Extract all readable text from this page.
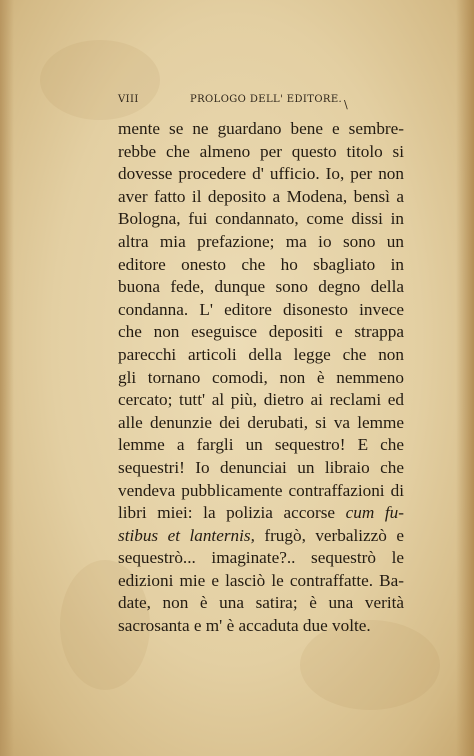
VIII	PROLOGO DELL' EDITORE. \
mente se ne guardano bene e sembre-
rebbe che almeno per questo titolo si
dovesse procedere d' ufficio. Io, per non
aver fatto il deposito a Modena, bensì a
Bologna, fui condannato, come dissi in
altra mia prefazione; ma io sono un
editore onesto che ho sbagliato in
buona fede, dunque sono degno della
condanna. L' editore disonesto invece
che non eseguisce depositi e strappa
parecchi articoli della legge che non
gli tornano comodi, non è nemmeno
cercato; tutt' al più, dietro ai reclami ed
alle denunzie dei derubati, si va lemme
lemme a fargli un sequestro! E che
sequestri! Io denunciai un libraio che
vendeva pubblicamente contraffazioni di
libri miei: la polizia accorse cum fu-
stibus et lanternis, frugò, verbalizzò e
sequestrò... imaginate?.. sequestrò le
edizioni mie e lasciò le contraffatte. Ba-
date, non è una satira; è una verità
sacrosanta e m' è accaduta due volte.
